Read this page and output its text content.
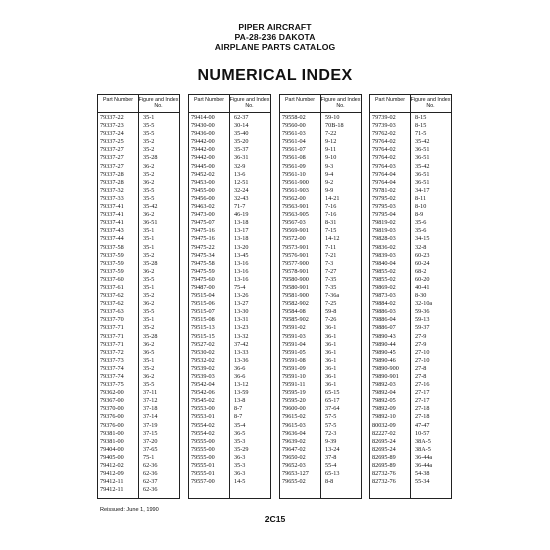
PIPER AIRCRAFT
PA-28-236 DAKOTA
AIRPLANE PARTS CATALOG
NUMERICAL INDEX
Part Number	Figure and Index No.
79337-22	35-1
79337-23	35-5
79337-24	35-5
79337-25	35-2
79337-27	35-2
79337-27	35-28
79337-27	36-2
79337-28	35-2
79337-28	36-2
79337-32	35-5
79337-33	35-5
79337-41	35-42
79337-41	36-2
79337-41	36-51
79337-43	35-1
79337-44	35-1
79337-58	35-1
79337-59	35-2
79337-59	35-28
79337-59	36-2
79337-60	35-5
79337-61	35-1
79337-62	35-2
79337-62	36-2
79337-63	35-5
79337-70	35-1
79337-71	35-2
79337-71	35-28
79337-71	36-2
79337-72	36-5
79337-73	35-1
79337-74	35-2
79337-74	36-2
79337-75	35-5
79362-00	37-11
79367-00	37-12
79370-00	37-18
79376-00	37-14
79376-00	37-19
79381-00	37-15
79381-00	37-20
79404-00	37-65
79405-00	75-1
79412-02	62-36
79412-09	62-36
79412-11	62-37
79412-11	62-36
Part Number	Figure and Index No.
79414-00	62-37
79430-00	30-14
79436-00	35-40
79442-00	35-20
79442-00	35-37
79442-00	36-31
79445-00	32-9
79452-02	13-6
79453-00	12-51
79455-00	32-24
79456-00	32-43
79463-02	71-7
79473-00	46-19
79475-07	13-18
79475-16	13-17
79475-16	13-18
79475-22	13-20
79475-34	13-45
79475-58	13-16
79475-59	13-16
79475-60	13-16
79487-00	75-4
79515-04	13-26
79515-06	13-27
79515-07	13-30
79515-08	13-31
79515-13	13-23
79515-15	13-32
79527-02	37-42
79530-02	13-33
79532-02	13-36
79539-02	36-6
79539-03	36-6
79542-04	13-12
79542-06	13-59
79545-02	13-8
79553-00	8-7
79553-01	8-7
79554-02	35-4
79554-02	36-5
79555-00	35-3
79555-00	35-29
79555-00	36-3
79555-01	35-3
79555-01	36-3
79557-00	14-5
Part Number	Figure and Index No.
79558-02	59-10
79560-00	70B-18
79561-03	7-22
79561-04	9-12
79561-07	9-11
79561-08	9-10
79561-09	9-3
79561-10	9-4
79561-900	9-2
79561-903	9-9
79562-00	14-21
79563-901	7-16
79563-905	7-16
79567-03	8-31
79569-901	7-15
79572-00	14-12
79573-901	7-11
79576-901	7-21
79577-900	7-3
79578-901	7-27
79580-900	7-35
79580-901	7-35
79581-900	7-36a
79582-902	7-25
79584-08	59-8
79585-902	7-26
79591-02	36-1
79591-03	36-1
79591-04	36-1
79591-05	36-1
79591-08	36-1
79591-09	36-1
79591-10	36-1
79591-11	36-1
79595-19	65-15
79595-20	65-17
79600-00	37-64
79615-02	57-5
79615-03	57-5
79636-04	72-3
79639-02	9-39
79647-02	13-24
79650-02	37-8
79652-03	55-4
79653-127	65-13
79655-02	8-8
Part Number	Figure and Index No.
79739-02	8-15
79739-03	8-15
79762-02	71-5
79764-02	35-42
79764-02	36-51
79764-02	36-51
79764-03	35-42
79764-04	36-51
79764-04	36-51
79781-02	34-17
79795-02	8-11
79795-03	8-10
79795-04	8-9
79819-02	35-6
79819-03	35-6
79828-03	34-15
79836-02	32-8
79839-03	60-23
79840-04	60-24
79855-02	68-2
79855-02	60-20
79869-02	40-41
79873-03	8-30
79884-02	32-10a
79886-03	59-36
79886-04	59-13
79886-07	59-37
79890-43	27-9
79890-44	27-9
79890-45	27-10
79890-46	27-10
79890-900	27-8
79890-901	27-8
79892-03	27-16
79892-04	27-17
79892-05	27-17
79892-09	27-18
79892-10	27-18
80032-09	47-47
82227-02	10-57
82695-24	38A-5
82695-24	38A-5
82695-89	36-44a
82695-89	36-44a
82732-76	54-38
82732-76	55-34
Reissued: June 1, 1990
2C15
